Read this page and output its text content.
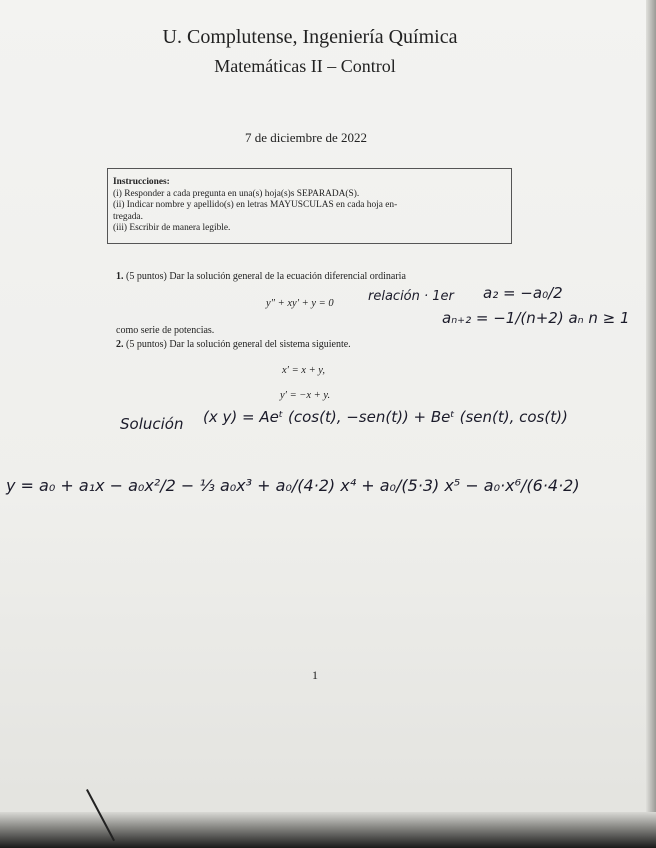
U. Complutense, Ingeniería Química
Matemáticas II – Control
7 de diciembre de 2022
Instrucciones:
(i) Responder a cada pregunta en una(s) hoja(s)s SEPARADA(S).
(ii) Indicar nombre y apellido(s) en letras MAYUSCULAS en cada hoja en-
tregada.
(iii) Escribir de manera legible.
1. (5 puntos) Dar la solución general de la ecuación diferencial ordinaria
y″ + xy′ + y = 0
como serie de potencias.
2. (5 puntos) Dar la solución general del sistema siguiente.
x′ = x + y,
y′ = −x + y.
relación · 1er a₂ = −a₀/2
aₙ₊₂ = −1/(n+2) aₙ n ≥ 1
Solución (x y) = Aeᵗ (cos(t), −sen(t)) + Beᵗ (sen(t), cos(t))
y = a₀ + a₁x − a₀x²/2 − ⅓ a₀x³ + a₀/(4·2) x⁴ + a₀/(5·3) x⁵ − a₀·x⁶/(6·4·2)
1
